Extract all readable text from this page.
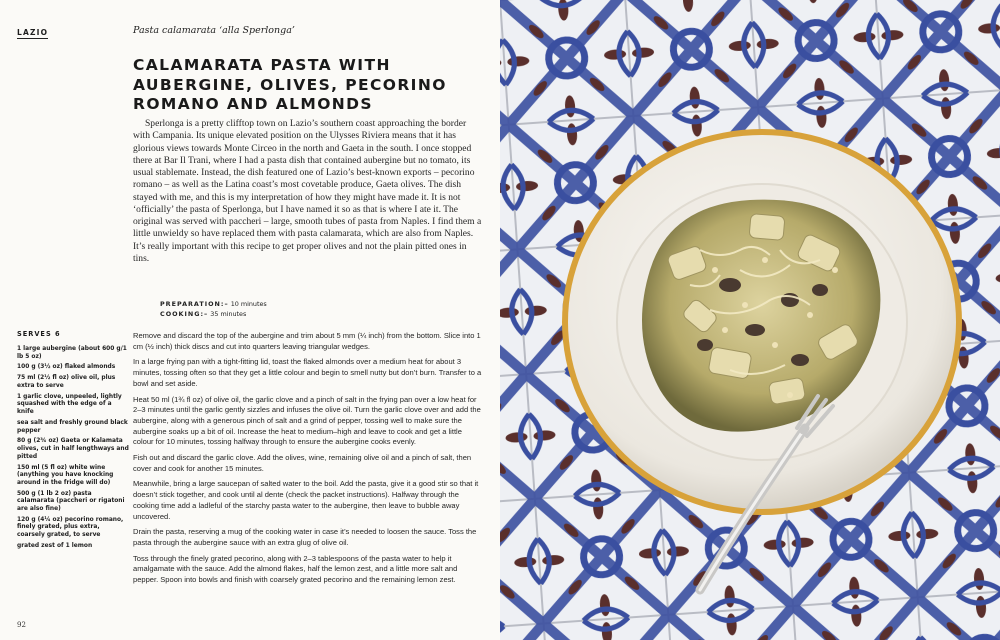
LAZIO	Pasta calamarata ‘alla Sperlonga’
CALAMARATA PASTA WITH AUBERGINE, OLIVES, PECORINO ROMANO AND ALMONDS

Sperlonga is a pretty clifftop town on Lazio’s southern coast approaching the border with Campania. Its unique elevated position on the Ulysses Riviera means that it has glorious views towards Monte Circeo in the north and Gaeta in the south. I once stopped there at Bar Il Trani, where I had a pasta dish that contained aubergine but no tomato, its usual stablemate. Instead, the dish featured one of Lazio’s best-known exports – pecorino romano – as well as the Latina coast’s most covetable produce, Gaeta olives. The dish stayed with me, and this is my interpretation of how they might have made it. It is not ‘officially’ the pasta of Sperlonga, but I have named it so as that is where I ate it. The original was served with paccheri – large, smooth tubes of pasta from Naples. I find them a little unwieldy so have replaced them with pasta calamarata, which are also from Naples. It’s really important with this recipe to get proper olives and not the plain pitted ones in tins.

PREPARATION:– 10 minutes
COOKING:– 35 minutes
SERVES 6
1 large aubergine (about 600 g/1 lb 5 oz)
100 g (3½ oz) flaked almonds
75 ml (2½ fl oz) olive oil, plus extra to serve
1 garlic clove, unpeeled, lightly squashed with the edge of a knife
sea salt and freshly ground black pepper
80 g (2¾ oz) Gaeta or Kalamata olives, cut in half lengthways and pitted
150 ml (5 fl oz) white wine (anything you have knocking around in the fridge will do)
500 g (1 lb 2 oz) pasta calamarata (paccheri or rigatoni are also fine)
120 g (4¼ oz) pecorino romano, finely grated, plus extra, coarsely grated, to serve
grated zest of 1 lemon

Remove and discard the top of the aubergine and trim about 5 mm (¼ inch) from the bottom. Slice into 1 cm (½ inch) thick discs and cut into quarters leaving triangular wedges.

In a large frying pan with a tight-fitting lid, toast the flaked almonds over a medium heat for about 3 minutes, tossing often so that they get a little colour and begin to smell nutty but don’t burn. Transfer to a bowl and set aside.

Heat 50 ml (1¾ fl oz) of olive oil, the garlic clove and a pinch of salt in the frying pan over a low heat for 2–3 minutes until the garlic gently sizzles and infuses the olive oil. Turn the garlic clove over and add the aubergine, along with a generous pinch of salt and a grind of pepper, tossing well to make sure the aubergine soaks up a bit of oil. Increase the heat to medium–high and leave to cook and get a little colour for 10 minutes, tossing halfway through to ensure the aubergine cooks evenly.

Fish out and discard the garlic clove. Add the olives, wine, remaining olive oil and a pinch of salt, then cover and cook for another 15 minutes.

Meanwhile, bring a large saucepan of salted water to the boil. Add the pasta, give it a good stir so that it doesn’t stick together, and cook until al dente (check the packet instructions). Halfway through the cooking time add a ladleful of the starchy pasta water to the aubergine, then leave to bubble away uncovered.

Drain the pasta, reserving a mug of the cooking water in case it’s needed to loosen the sauce. Toss the pasta through the aubergine sauce with an extra glug of olive oil.

Toss through the finely grated pecorino, along with 2–3 tablespoons of the pasta water to help it amalgamate with the sauce. Add the almond flakes, half the lemon zest, and a little more salt and pepper. Spoon into bowls and finish with coarsely grated pecorino and the remaining lemon zest.

92
